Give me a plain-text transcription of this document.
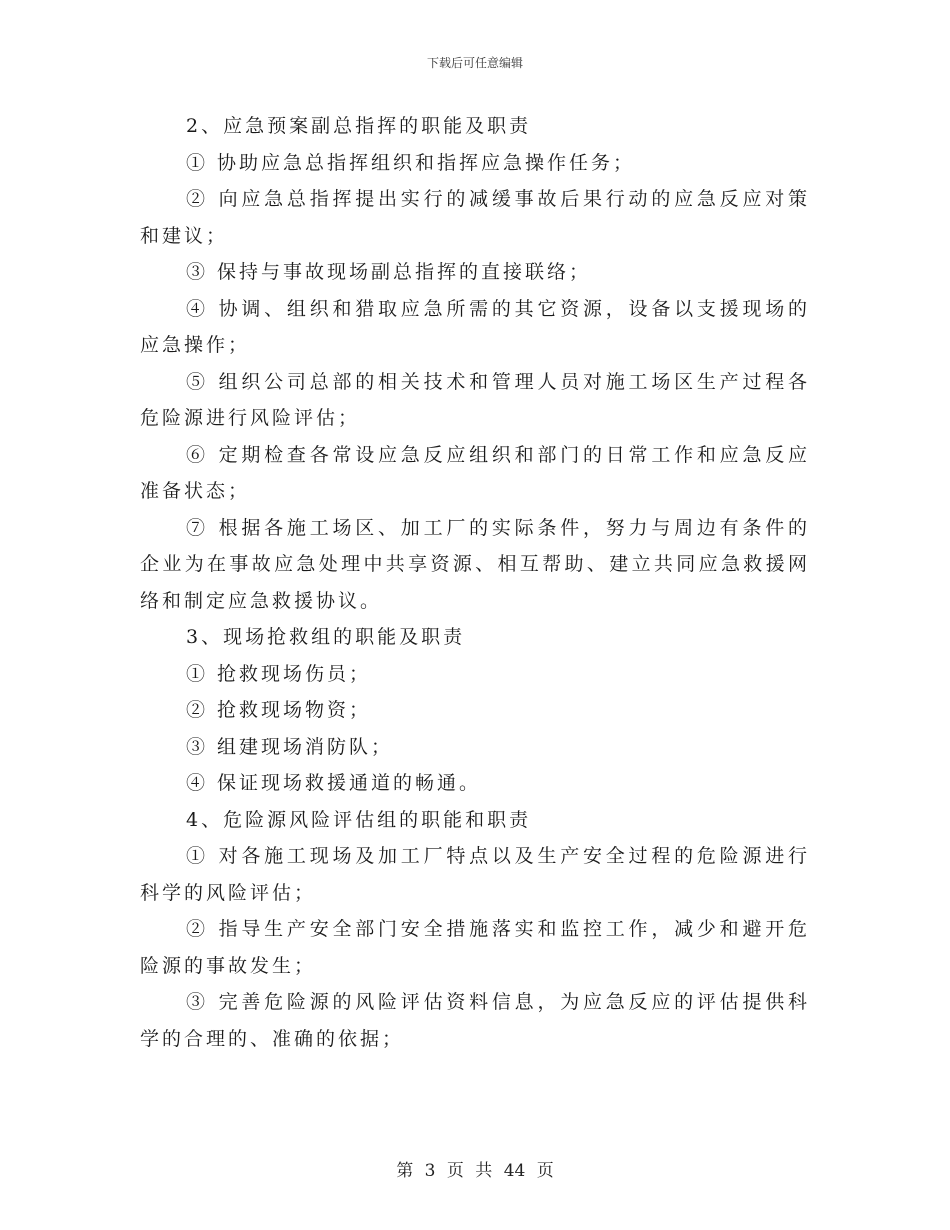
下载后可任意编辑

2、应急预案副总指挥的职能及职责

① 协助应急总指挥组织和指挥应急操作任务；

② 向应急总指挥提出实行的减缓事故后果行动的应急反应对策和建议；

③ 保持与事故现场副总指挥的直接联络；

④ 协调、组织和猎取应急所需的其它资源，设备以支援现场的应急操作；

⑤ 组织公司总部的相关技术和管理人员对施工场区生产过程各危险源进行风险评估；

⑥ 定期检查各常设应急反应组织和部门的日常工作和应急反应准备状态；

⑦ 根据各施工场区、加工厂的实际条件，努力与周边有条件的企业为在事故应急处理中共享资源、相互帮助、建立共同应急救援网络和制定应急救援协议。

3、现场抢救组的职能及职责

① 抢救现场伤员；

② 抢救现场物资；

③ 组建现场消防队；

④ 保证现场救援通道的畅通。

4、危险源风险评估组的职能和职责

① 对各施工现场及加工厂特点以及生产安全过程的危险源进行科学的风险评估；

② 指导生产安全部门安全措施落实和监控工作，减少和避开危险源的事故发生；

③ 完善危险源的风险评估资料信息，为应急反应的评估提供科学的合理的、准确的依据；

第 3 页 共 44 页
